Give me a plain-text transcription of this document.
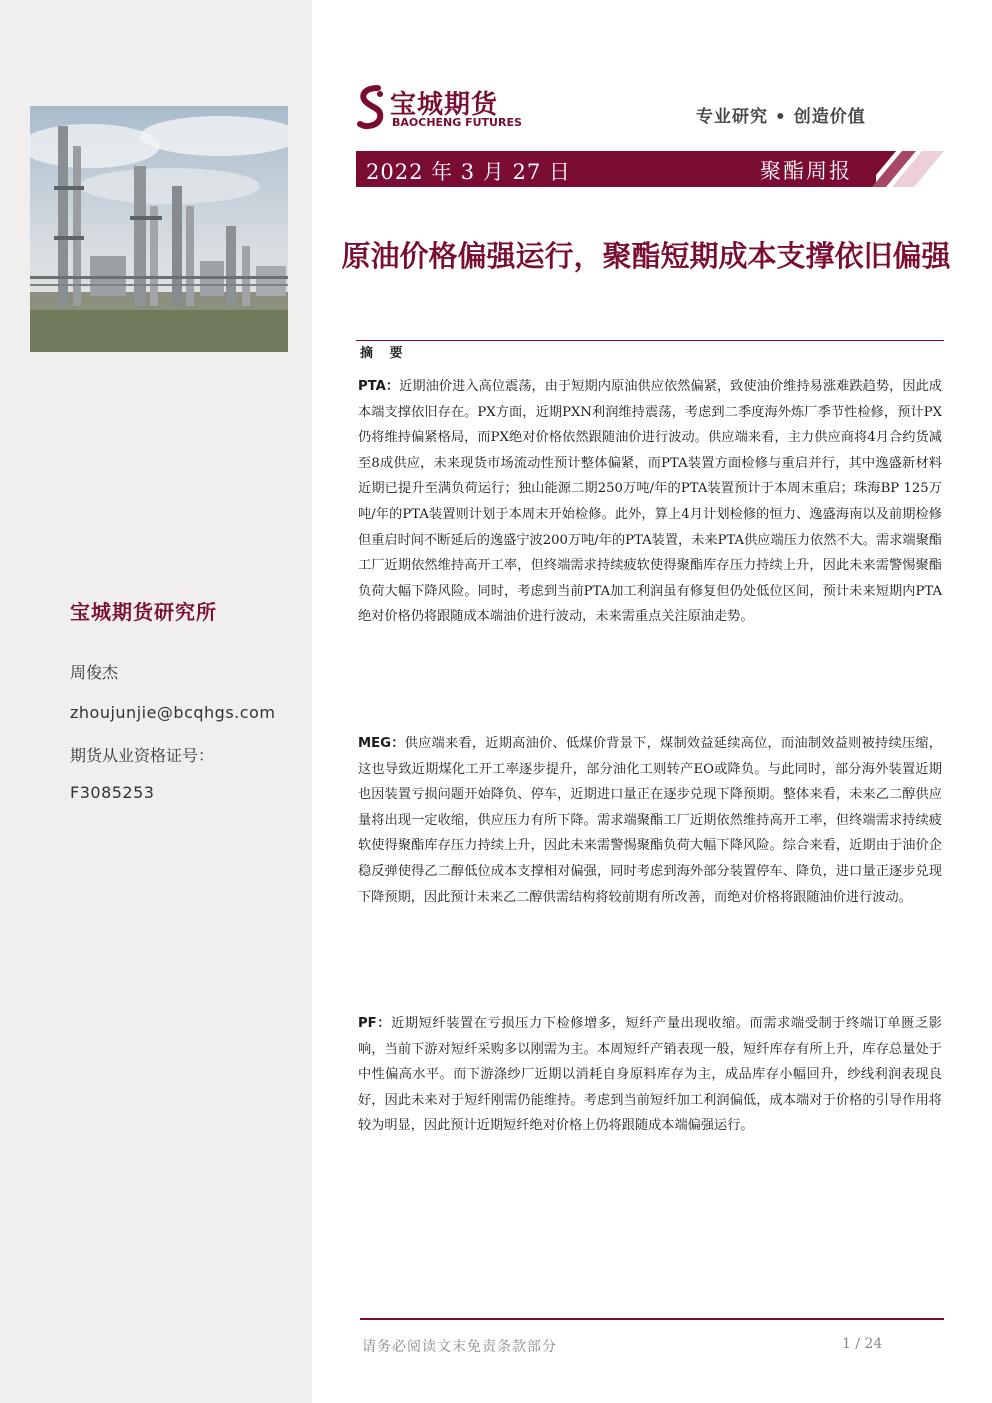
宝城期货研究所
周俊杰
zhoujunjie@bcqhgs.com
期货从业资格证号：
F3085253
宝城期货
BAOCHENG FUTURES	专业研究 • 创造价值
2022 年 3 月 27 日	聚酯周报
原油价格偏强运行，聚酯短期成本支撑依旧偏强
摘 要
PTA：近期油价进入高位震荡，由于短期内原油供应依然偏紧，致使油价维持易涨难跌趋势，因此成本端支撑依旧存在。PX方面，近期PXN利润维持震荡，考虑到二季度海外炼厂季节性检修，预计PX仍将维持偏紧格局，而PX绝对价格依然跟随油价进行波动。供应端来看，主力供应商将4月合约货减至8成供应，未来现货市场流动性预计整体偏紧，而PTA装置方面检修与重启并行，其中逸盛新材料近期已提升至满负荷运行；独山能源二期250万吨/年的PTA装置预计于本周末重启；珠海BP 125万吨/年的PTA装置则计划于本周末开始检修。此外，算上4月计划检修的恒力、逸盛海南以及前期检修但重启时间不断延后的逸盛宁波200万吨/年的PTA装置，未来PTA供应端压力依然不大。需求端聚酯工厂近期依然维持高开工率，但终端需求持续疲软使得聚酯库存压力持续上升，因此未来需警惕聚酯负荷大幅下降风险。同时，考虑到当前PTA加工利润虽有修复但仍处低位区间，预计未来短期内PTA绝对价格仍将跟随成本端油价进行波动，未来需重点关注原油走势。
MEG：供应端来看，近期高油价、低煤价背景下，煤制效益延续高位，而油制效益则被持续压缩，这也导致近期煤化工开工率逐步提升，部分油化工则转产EO或降负。与此同时，部分海外装置近期也因装置亏损问题开始降负、停车，近期进口量正在逐步兑现下降预期。整体来看，未来乙二醇供应量将出现一定收缩，供应压力有所下降。需求端聚酯工厂近期依然维持高开工率，但终端需求持续疲软使得聚酯库存压力持续上升，因此未来需警惕聚酯负荷大幅下降风险。综合来看，近期由于油价企稳反弹使得乙二醇低位成本支撑相对偏强，同时考虑到海外部分装置停车、降负，进口量正逐步兑现下降预期，因此预计未来乙二醇供需结构将较前期有所改善，而绝对价格将跟随油价进行波动。
PF：近期短纤装置在亏损压力下检修增多，短纤产量出现收缩。而需求端受制于终端订单匮乏影响，当前下游对短纤采购多以刚需为主。本周短纤产销表现一般，短纤库存有所上升，库存总量处于中性偏高水平。而下游涤纱厂近期以消耗自身原料库存为主，成品库存小幅回升，纱线利润表现良好，因此未来对于短纤刚需仍能维持。考虑到当前短纤加工利润偏低，成本端对于价格的引导作用将较为明显，因此预计近期短纤绝对价格上仍将跟随成本端偏强运行。
请务必阅读文末免责条款部分	1 / 24
